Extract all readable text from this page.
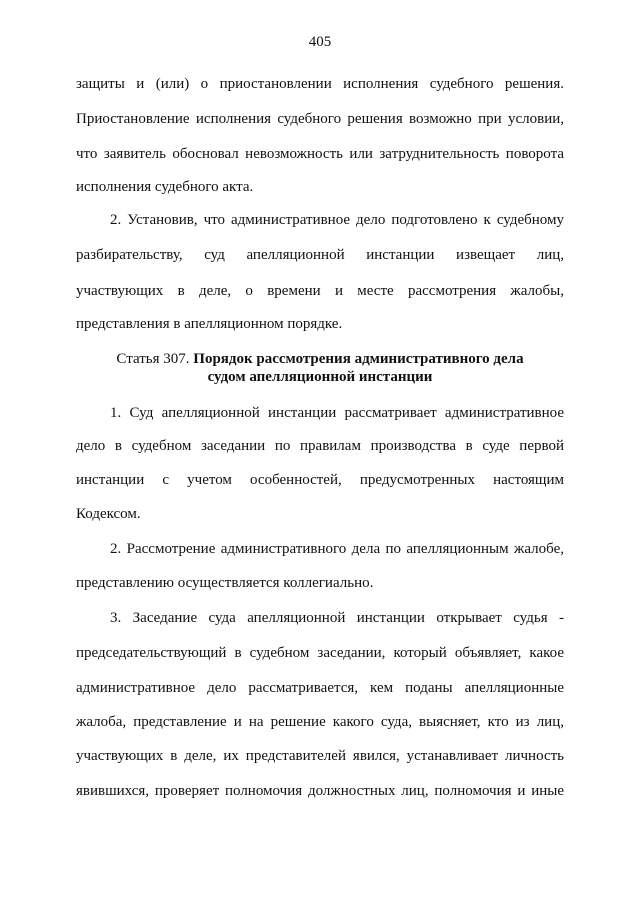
405
защиты и (или) о приостановлении исполнения судебного решения.
Приостановление исполнения судебного решения возможно при условии,
что заявитель обосновал невозможность или затруднительность поворота
исполнения судебного акта.
2. Установив, что административное дело подготовлено к судебному
разбирательству, суд апелляционной инстанции извещает лиц,
участвующих в деле, о времени и месте рассмотрения жалобы,
представления в апелляционном порядке.
Статья 307. Порядок рассмотрения административного дела
судом апелляционной инстанции
1. Суд апелляционной инстанции рассматривает административное
дело в судебном заседании по правилам производства в суде первой
инстанции с учетом особенностей, предусмотренных настоящим
Кодексом.
2. Рассмотрение административного дела по апелляционным жалобе,
представлению осуществляется коллегиально.
3. Заседание суда апелляционной инстанции открывает судья -
председательствующий в судебном заседании, который объявляет, какое
административное дело рассматривается, кем поданы апелляционные
жалоба, представление и на решение какого суда, выясняет, кто из лиц,
участвующих в деле, их представителей явился, устанавливает личность
явившихся, проверяет полномочия должностных лиц, полномочия и иные
